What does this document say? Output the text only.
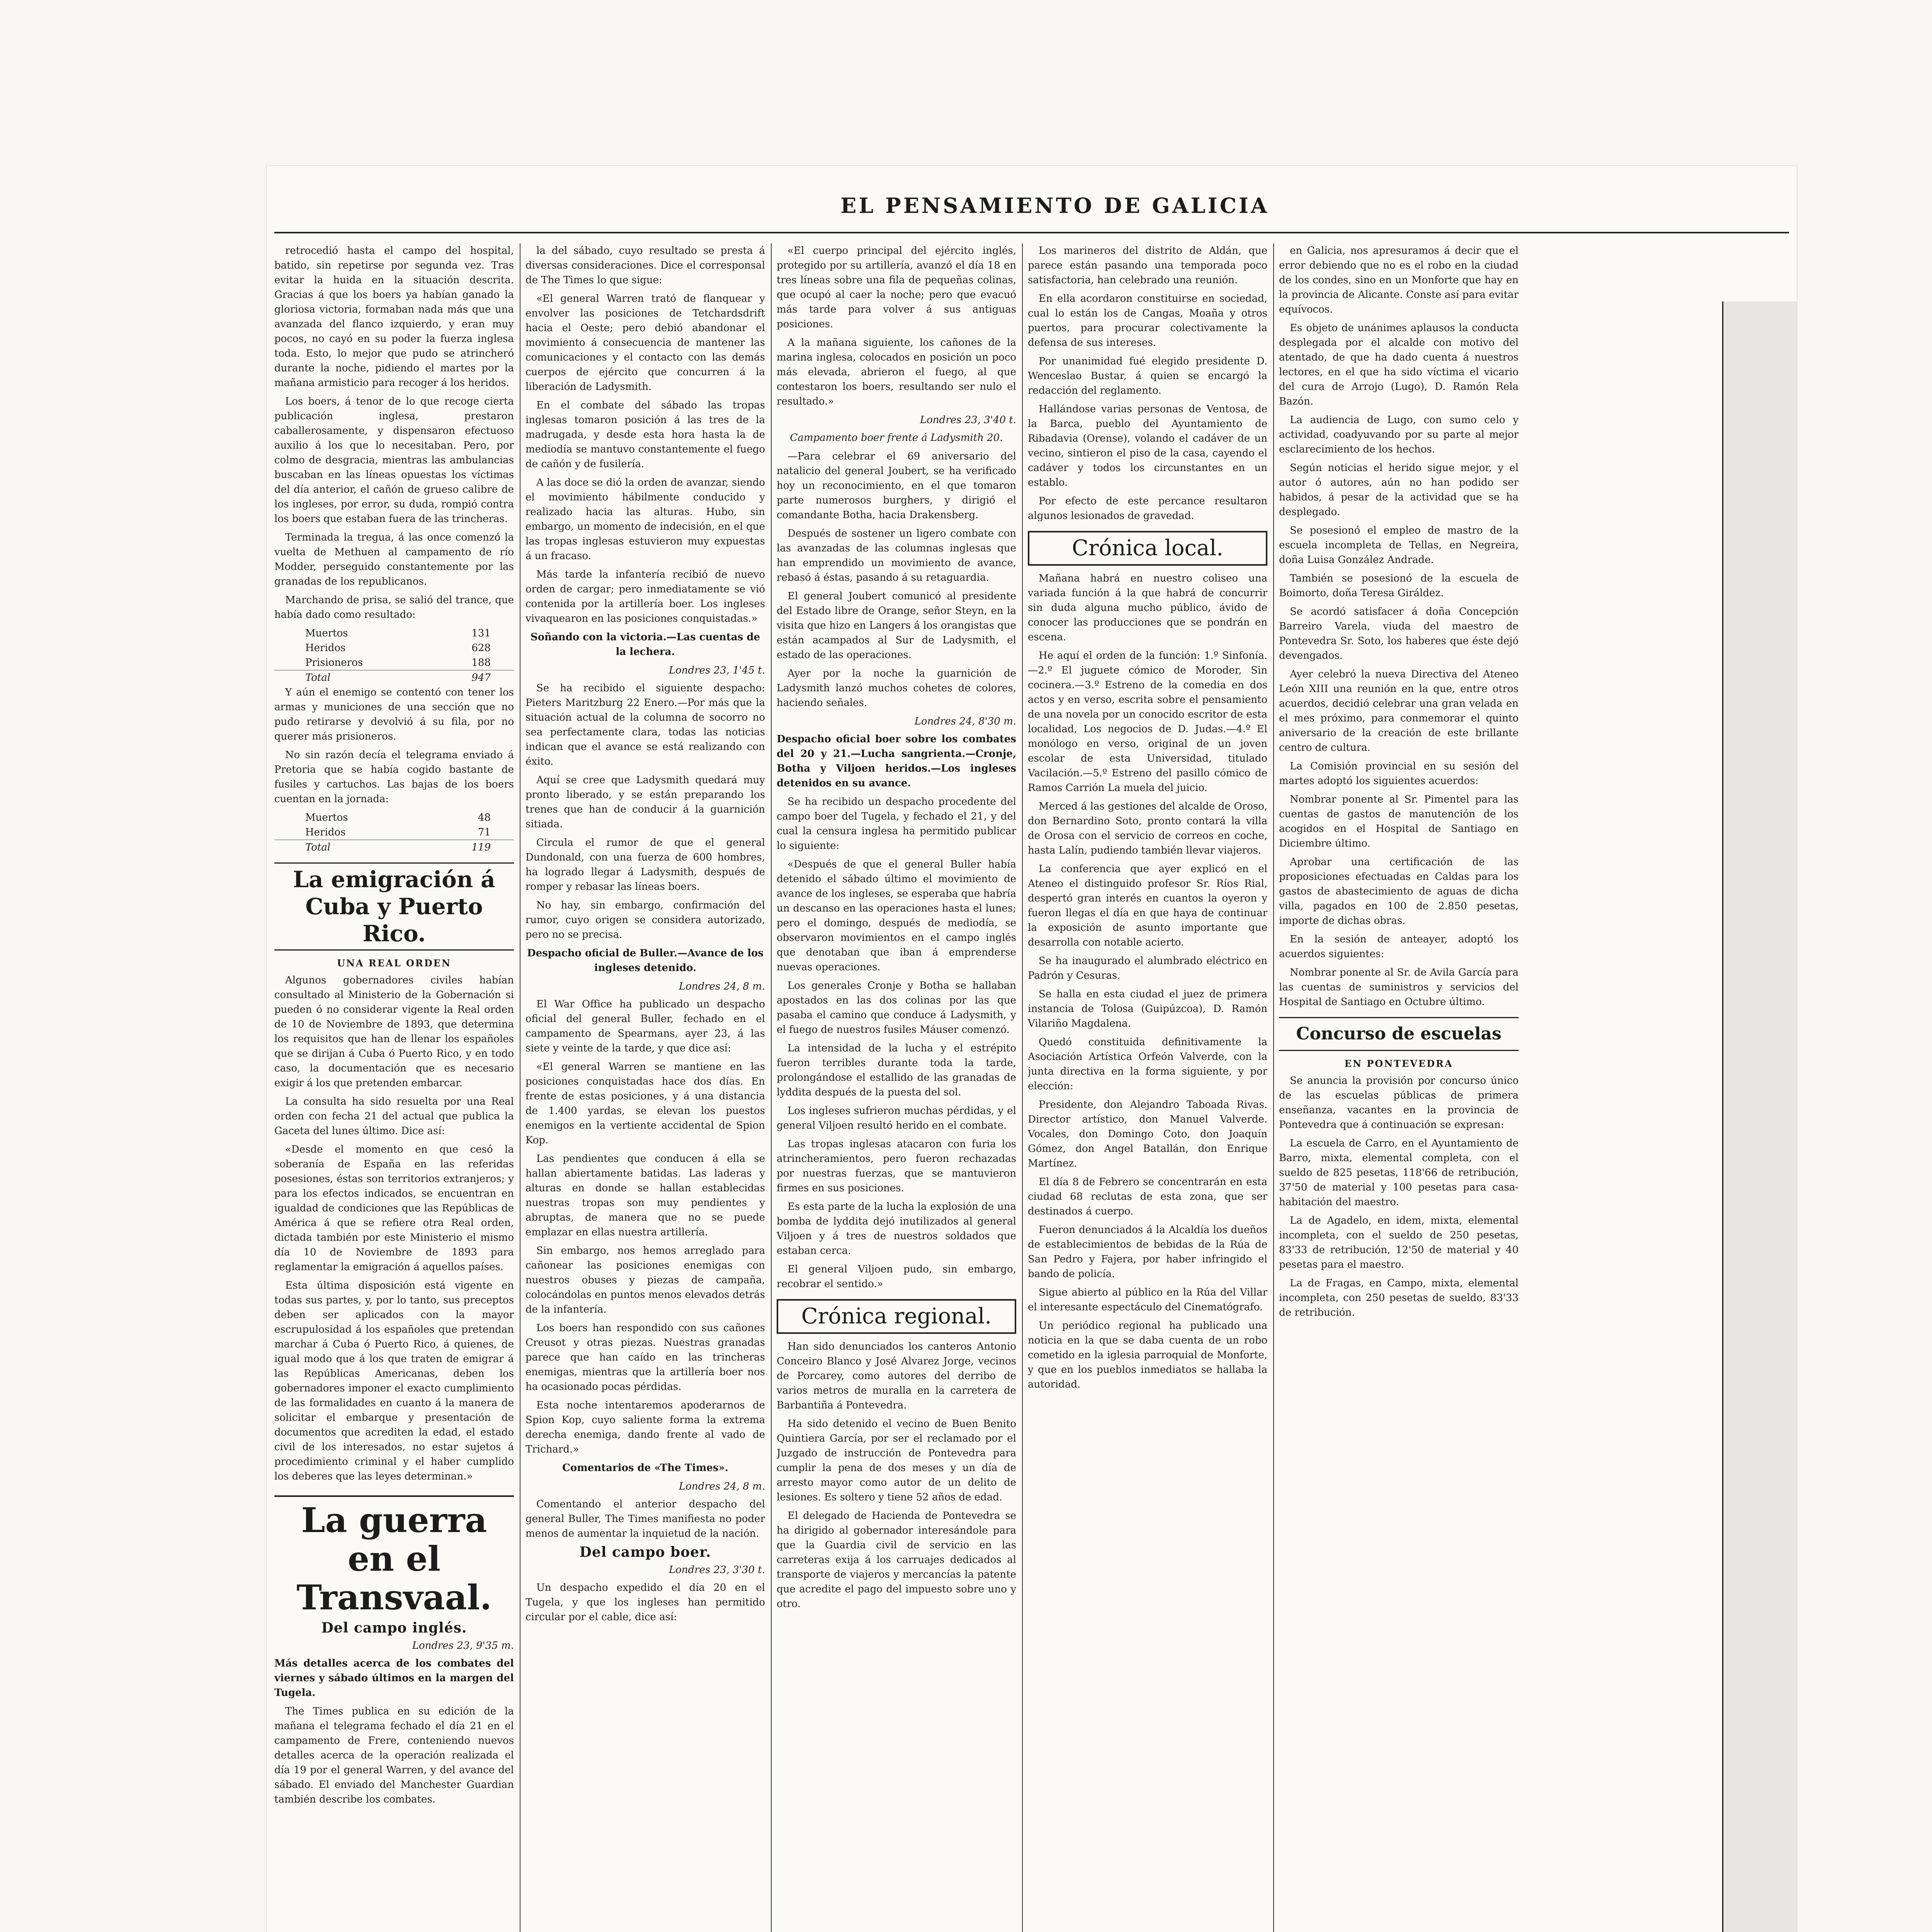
EL PENSAMIENTO DE GALICIA

retrocedió hasta el campo del hospital, batido, sin repetirse por segunda vez. Tras evitar la huida en la situación descrita. Gracias á que los boers ya habían ganado la gloriosa victoria, formaban nada más que una avanzada del flanco izquierdo, y eran muy pocos, no cayó en su poder la fuerza inglesa toda. Esto, lo mejor que pudo se atrincheró durante la noche, pidiendo el martes por la mañana armisticio para recoger á los heridos.

Los boers, á tenor de lo que recoge cierta publicación inglesa, prestaron caballerosamente, y dispensaron efectuoso auxilio á los que lo necesitaban. Pero, por colmo de desgracia, mientras las ambulancias buscaban en las líneas opuestas los víctimas del día anterior, el cañón de grueso calibre de los ingleses, por error, su duda, rompió contra los boers que estaban fuera de las trincheras.

Terminada la tregua, á las once comenzó la vuelta de Methuen al campamento de río Modder, perseguido constantemente por las granadas de los republicanos.

Marchando de prisa, se salió del trance, que había dado como resultado:

Muertos	131
Heridos	628
Prisioneros	188
Total	947

Y aún el enemigo se contentó con tener los armas y municiones de una sección que no pudo retirarse y devolvió á su fila, por no querer más prisioneros.

No sin razón decía el telegrama enviado á Pretoria que se había cogido bastante de fusiles y cartuchos. Las bajas de los boers cuentan en la jornada:

Muertos	48
Heridos	71
Total	119
La emigración á Cuba y Puerto Rico.
UNA REAL ORDEN

Algunos gobernadores civiles habían consultado al Ministerio de la Gobernación si pueden ó no considerar vigente la Real orden de 10 de Noviembre de 1893, que determina los requisitos que han de llenar los españoles que se dirijan á Cuba ó Puerto Rico, y en todo caso, la documentación que es necesario exigir á los que pretenden embarcar.

La consulta ha sido resuelta por una Real orden con fecha 21 del actual que publica la Gaceta del lunes último. Dice así:

«Desde el momento en que cesó la soberanía de España en las referidas posesiones, éstas son territorios extranjeros; y para los efectos indicados, se encuentran en igualdad de condiciones que las Repúblicas de América á que se refiere otra Real orden, dictada también por este Ministerio el mismo día 10 de Noviembre de 1893 para reglamentar la emigración á aquellos países.

Esta última disposición está vigente en todas sus partes, y, por lo tanto, sus preceptos deben ser aplicados con la mayor escrupulosidad á los españoles que pretendan marchar á Cuba ó Puerto Rico, á quienes, de igual modo que á los que traten de emigrar á las Repúblicas Americanas, deben los gobernadores imponer el exacto cumplimiento de las formalidades en cuanto á la manera de solicitar el embarque y presentación de documentos que acrediten la edad, el estado civil de los interesados, no estar sujetos á procedimiento criminal y el haber cumplido los deberes que las leyes determinan.»

La guerra en el Transvaal.
Del campo inglés.
Londres 23, 9'35 m.

Más detalles acerca de los combates del viernes y sábado últimos en la margen del Tugela.

The Times publica en su edición de la mañana el telegrama fechado el día 21 en el campamento de Frere, conteniendo nuevos detalles acerca de la operación realizada el día 19 por el general Warren, y del avance del sábado. El enviado del Manchester Guardian también describe los combates.

la del sábado, cuyo resultado se presta á diversas consideraciones. Dice el corresponsal de The Times lo que sigue:

«El general Warren trató de flanquear y envolver las posiciones de Tetchardsdrift hacia el Oeste; pero debió abandonar el movimiento á consecuencia de mantener las comunicaciones y el contacto con las demás cuerpos de ejército que concurren á la liberación de Ladysmith.

En el combate del sábado las tropas inglesas tomaron posición á las tres de la madrugada, y desde esta hora hasta la de mediodía se mantuvo constantemente el fuego de cañón y de fusilería.

A las doce se dió la orden de avanzar, siendo el movimiento hábilmente conducido y realizado hacia las alturas. Hubo, sin embargo, un momento de indecisión, en el que las tropas inglesas estuvieron muy expuestas á un fracaso.

Más tarde la infantería recibió de nuevo orden de cargar; pero inmediatamente se vió contenida por la artillería boer. Los ingleses vivaquearon en las posiciones conquistadas.»

Soñando con la victoria.—Las cuentas de la lechera.

Londres 23, 1'45 t.

Se ha recibido el siguiente despacho: Pieters Maritzburg 22 Enero.—Por más que la situación actual de la columna de socorro no sea perfectamente clara, todas las noticias indican que el avance se está realizando con éxito.

Aquí se cree que Ladysmith quedará muy pronto liberado, y se están preparando los trenes que han de conducir á la guarnición sitiada.

Circula el rumor de que el general Dundonald, con una fuerza de 600 hombres, ha logrado llegar á Ladysmith, después de romper y rebasar las líneas boers.

No hay, sin embargo, confirmación del rumor, cuyo origen se considera autorizado, pero no se precisa.

Despacho oficial de Buller.—Avance de los ingleses detenido.

Londres 24, 8 m.

El War Office ha publicado un despacho oficial del general Buller, fechado en el campamento de Spearmans, ayer 23, á las siete y veinte de la tarde, y que dice así:

«El general Warren se mantiene en las posiciones conquistadas hace dos días. En frente de estas posiciones, y á una distancia de 1.400 yardas, se elevan los puestos enemigos en la vertiente accidental de Spion Kop.

Las pendientes que conducen á ella se hallan abiertamente batidas. Las laderas y alturas en donde se hallan establecidas nuestras tropas son muy pendientes y abruptas, de manera que no se puede emplazar en ellas nuestra artillería.

Sin embargo, nos hemos arreglado para cañonear las posiciones enemigas con nuestros obuses y piezas de campaña, colocándolas en puntos menos elevados detrás de la infantería.

Los boers han respondido con sus cañones Creusot y otras piezas. Nuestras granadas parece que han caído en las trincheras enemigas, mientras que la artillería boer nos ha ocasionado pocas pérdidas.

Esta noche intentaremos apoderarnos de Spion Kop, cuyo saliente forma la extrema derecha enemiga, dando frente al vado de Trichard.»

Comentarios de «The Times».

Londres 24, 8 m.

Comentando el anterior despacho del general Buller, The Times manifiesta no poder menos de aumentar la inquietud de la nación.

Del campo boer.
Londres 23, 3'30 t.

Un despacho expedido el día 20 en el Tugela, y que los ingleses han permitido circular por el cable, dice así:

«El cuerpo principal del ejército inglés, protegido por su artillería, avanzó el día 18 en tres líneas sobre una fila de pequeñas colinas, que ocupó al caer la noche; pero que evacuó más tarde para volver á sus antiguas posiciones.

A la mañana siguiente, los cañones de la marina inglesa, colocados en posición un poco más elevada, abrieron el fuego, al que contestaron los boers, resultando ser nulo el resultado.»

Londres 23, 3'40 t.

Campamento boer frente á Ladysmith 20.

—Para celebrar el 69 aniversario del natalicio del general Joubert, se ha verificado hoy un reconocimiento, en el que tomaron parte numerosos burghers, y dirigió el comandante Botha, hacia Drakensberg.

Después de sostener un ligero combate con las avanzadas de las columnas inglesas que han emprendido un movimiento de avance, rebasó á éstas, pasando á su retaguardia.

El general Joubert comunicó al presidente del Estado libre de Orange, señor Steyn, en la visita que hizo en Langers á los orangistas que están acampados al Sur de Ladysmith, el estado de las operaciones.

Ayer por la noche la guarnición de Ladysmith lanzó muchos cohetes de colores, haciendo señales.

Londres 24, 8'30 m.

Despacho oficial boer sobre los combates del 20 y 21.—Lucha sangrienta.—Cronje, Botha y Viljoen heridos.—Los ingleses detenidos en su avance.

Se ha recibido un despacho procedente del campo boer del Tugela, y fechado el 21, y del cual la censura inglesa ha permitido publicar lo siguiente:

«Después de que el general Buller había detenido el sábado último el movimiento de avance de los ingleses, se esperaba que habría un descanso en las operaciones hasta el lunes; pero el domingo, después de mediodía, se observaron movimientos en el campo inglés que denotaban que iban á emprenderse nuevas operaciones.

Los generales Cronje y Botha se hallaban apostados en las dos colinas por las que pasaba el camino que conduce á Ladysmith, y el fuego de nuestros fusiles Máuser comenzó.

La intensidad de la lucha y el estrépito fueron terribles durante toda la tarde, prolongándose el estallido de las granadas de lyddita después de la puesta del sol.

Los ingleses sufrieron muchas pérdidas, y el general Viljoen resultó herido en el combate.

Las tropas inglesas atacaron con furia los atrincheramientos, pero fueron rechazadas por nuestras fuerzas, que se mantuvieron firmes en sus posiciones.

Es esta parte de la lucha la explosión de una bomba de lyddita dejó inutilizados al general Viljoen y á tres de nuestros soldados que estaban cerca.

El general Viljoen pudo, sin embargo, recobrar el sentido.»

Crónica regional.

Han sido denunciados los canteros Antonio Conceiro Blanco y José Alvarez Jorge, vecinos de Porcarey, como autores del derribo de varios metros de muralla en la carretera de Barbantiña á Pontevedra.

Ha sido detenido el vecino de Buen Benito Quintiera García, por ser el reclamado por el Juzgado de instrucción de Pontevedra para cumplir la pena de dos meses y un día de arresto mayor como autor de un delito de lesiones. Es soltero y tiene 52 años de edad.

El delegado de Hacienda de Pontevedra se ha dirigido al gobernador interesándole para que la Guardia civil de servicio en las carreteras exija á los carruajes dedicados al transporte de viajeros y mercancías la patente que acredite el pago del impuesto sobre uno y otro.

Los marineros del distrito de Aldán, que parece están pasando una temporada poco satisfactoria, han celebrado una reunión.

En ella acordaron constituirse en sociedad, cual lo están los de Cangas, Moaña y otros puertos, para procurar colectivamente la defensa de sus intereses.

Por unanimidad fué elegido presidente D. Wenceslao Bustar, á quien se encargó la redacción del reglamento.

Hallándose varias personas de Ventosa, de la Barca, pueblo del Ayuntamiento de Ribadavia (Orense), volando el cadáver de un vecino, sintieron el piso de la casa, cayendo el cadáver y todos los circunstantes en un establo.

Por efecto de este percance resultaron algunos lesionados de gravedad.

Crónica local.

Mañana habrá en nuestro coliseo una variada función á la que habrá de concurrir sin duda alguna mucho público, ávido de conocer las producciones que se pondrán en escena.

He aquí el orden de la función: 1.º Sinfonía.—2.º El juguete cómico de Moroder, Sin cocinera.—3.º Estreno de la comedia en dos actos y en verso, escrita sobre el pensamiento de una novela por un conocido escritor de esta localidad, Los negocios de D. Judas.—4.º El monólogo en verso, original de un joven escolar de esta Universidad, titulado Vacilación.—5.º Estreno del pasillo cómico de Ramos Carrión La muela del juicio.

Merced á las gestiones del alcalde de Oroso, don Bernardino Soto, pronto contará la villa de Orosa con el servicio de correos en coche, hasta Lalín, pudiendo también llevar viajeros.

La conferencia que ayer explicó en el Ateneo el distinguido profesor Sr. Ríos Rial, despertó gran interés en cuantos la oyeron y fueron llegas el día en que haya de continuar la exposición de asunto importante que desarrolla con notable acierto.

Se ha inaugurado el alumbrado eléctrico en Padrón y Cesuras.

Se halla en esta ciudad el juez de primera instancia de Tolosa (Guipúzcoa), D. Ramón Vilariño Magdalena.

Quedó constituida definitivamente la Asociación Artística Orfeón Valverde, con la junta directiva en la forma siguiente, y por elección:

Presidente, don Alejandro Taboada Rivas. Director artístico, don Manuel Valverde. Vocales, don Domingo Coto, don Joaquín Gómez, don Angel Batallán, don Enrique Martínez.

El día 8 de Febrero se concentrarán en esta ciudad 68 reclutas de esta zona, que ser destinados á cuerpo.

Fueron denunciados á la Alcaldía los dueños de establecimientos de bebidas de la Rúa de San Pedro y Fajera, por haber infringido el bando de policía.

Sigue abierto al público en la Rúa del Villar el interesante espectáculo del Cinematógrafo.

Un periódico regional ha publicado una noticia en la que se daba cuenta de un robo cometido en la iglesia parroquial de Monforte, y que en los pueblos inmediatos se hallaba la autoridad.

en Galicia, nos apresuramos á decir que el error debiendo que no es el robo en la ciudad de los condes, sino en un Monforte que hay en la provincia de Alicante. Conste así para evitar equívocos.

Es objeto de unánimes aplausos la conducta desplegada por el alcalde con motivo del atentado, de que ha dado cuenta á nuestros lectores, en el que ha sido víctima el vicario del cura de Arrojo (Lugo), D. Ramón Rela Bazón.

La audiencia de Lugo, con sumo celo y actividad, coadyuvando por su parte al mejor esclarecimiento de los hechos.

Según noticias el herido sigue mejor, y el autor ó autores, aún no han podido ser habidos, á pesar de la actividad que se ha desplegado.

Se posesionó el empleo de mastro de la escuela incompleta de Tellas, en Negreira, doña Luisa González Andrade.

También se posesionó de la escuela de Boimorto, doña Teresa Giráldez.

Se acordó satisfacer á doña Concepción Barreiro Varela, viuda del maestro de Pontevedra Sr. Soto, los haberes que éste dejó devengados.

Ayer celebró la nueva Directiva del Ateneo León XIII una reunión en la que, entre otros acuerdos, decidió celebrar una gran velada en el mes próximo, para conmemorar el quinto aniversario de la creación de este brillante centro de cultura.

La Comisión provincial en su sesión del martes adoptó los siguientes acuerdos:

Nombrar ponente al Sr. Pimentel para las cuentas de gastos de manutención de los acogidos en el Hospital de Santiago en Diciembre último.

Aprobar una certificación de las proposiciones efectuadas en Caldas para los gastos de abastecimiento de aguas de dicha villa, pagados en 100 de 2.850 pesetas, importe de dichas obras.

En la sesión de anteayer, adoptó los acuerdos siguientes:

Nombrar ponente al Sr. de Avila García para las cuentas de suministros y servicios del Hospital de Santiago en Octubre último.

Concurso de escuelas
EN PONTEVEDRA

Se anuncia la provisión por concurso único de las escuelas públicas de primera enseñanza, vacantes en la provincia de Pontevedra que á continuación se expresan:

La escuela de Carro, en el Ayuntamiento de Barro, mixta, elemental completa, con el sueldo de 825 pesetas, 118'66 de retribución, 37'50 de material y 100 pesetas para casa-habitación del maestro.

La de Agadelo, en idem, mixta, elemental incompleta, con el sueldo de 250 pesetas, 83'33 de retribución, 12'50 de material y 40 pesetas para el maestro.

La de Fragas, en Campo, mixta, elemental incompleta, con 250 pesetas de sueldo, 83'33 de retribución.
